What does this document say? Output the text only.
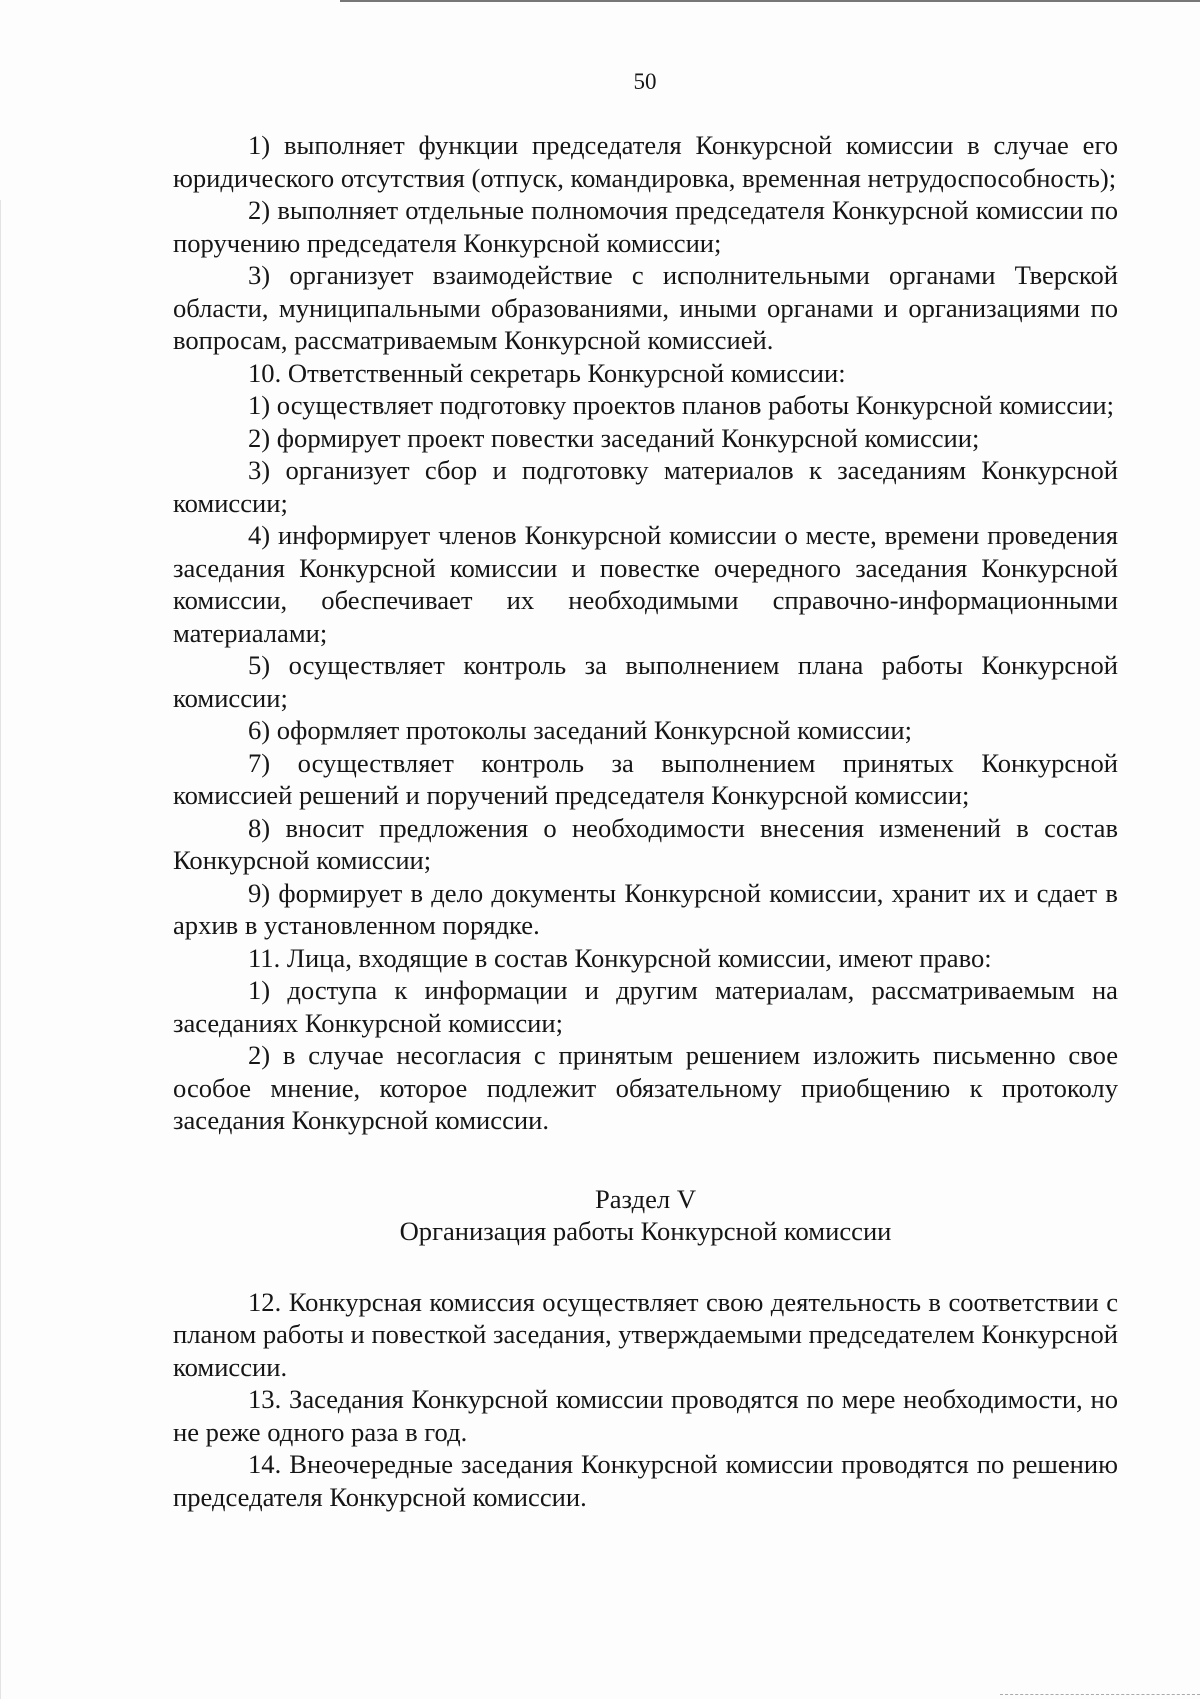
50

1) выполняет функции председателя Конкурсной комиссии в случае его юридического отсутствия (отпуск, командировка, временная нетрудоспособность);

2) выполняет отдельные полномочия председателя Конкурсной комиссии по поручению председателя Конкурсной комиссии;

3) организует взаимодействие с исполнительными органами Тверской области, муниципальными образованиями, иными органами и организациями по вопросам, рассматриваемым Конкурсной комиссией.

10. Ответственный секретарь Конкурсной комиссии:

1) осуществляет подготовку проектов планов работы Конкурсной комиссии;

2) формирует проект повестки заседаний Конкурсной комиссии;

3) организует сбор и подготовку материалов к заседаниям Конкурсной комиссии;

4) информирует членов Конкурсной комиссии о месте, времени проведения заседания Конкурсной комиссии и повестке очередного заседания Конкурсной комиссии, обеспечивает их необходимыми справочно-информационными материалами;

5) осуществляет контроль за выполнением плана работы Конкурсной комиссии;

6) оформляет протоколы заседаний Конкурсной комиссии;

7) осуществляет контроль за выполнением принятых Конкурсной комиссией решений и поручений председателя Конкурсной комиссии;

8) вносит предложения о необходимости внесения изменений в состав Конкурсной комиссии;

9) формирует в дело документы Конкурсной комиссии, хранит их и сдает в архив в установленном порядке.

11. Лица, входящие в состав Конкурсной комиссии, имеют право:

1) доступа к информации и другим материалам, рассматриваемым на заседаниях Конкурсной комиссии;

2) в случае несогласия с принятым решением изложить письменно свое особое мнение, которое подлежит обязательному приобщению к протоколу заседания Конкурсной комиссии.

Раздел V

Организация работы Конкурсной комиссии

12. Конкурсная комиссия осуществляет свою деятельность в соответствии с планом работы и повесткой заседания, утверждаемыми председателем Конкурсной комиссии.

13. Заседания Конкурсной комиссии проводятся по мере необходимости, но не реже одного раза в год.

14. Внеочередные заседания Конкурсной комиссии проводятся по решению председателя Конкурсной комиссии.
